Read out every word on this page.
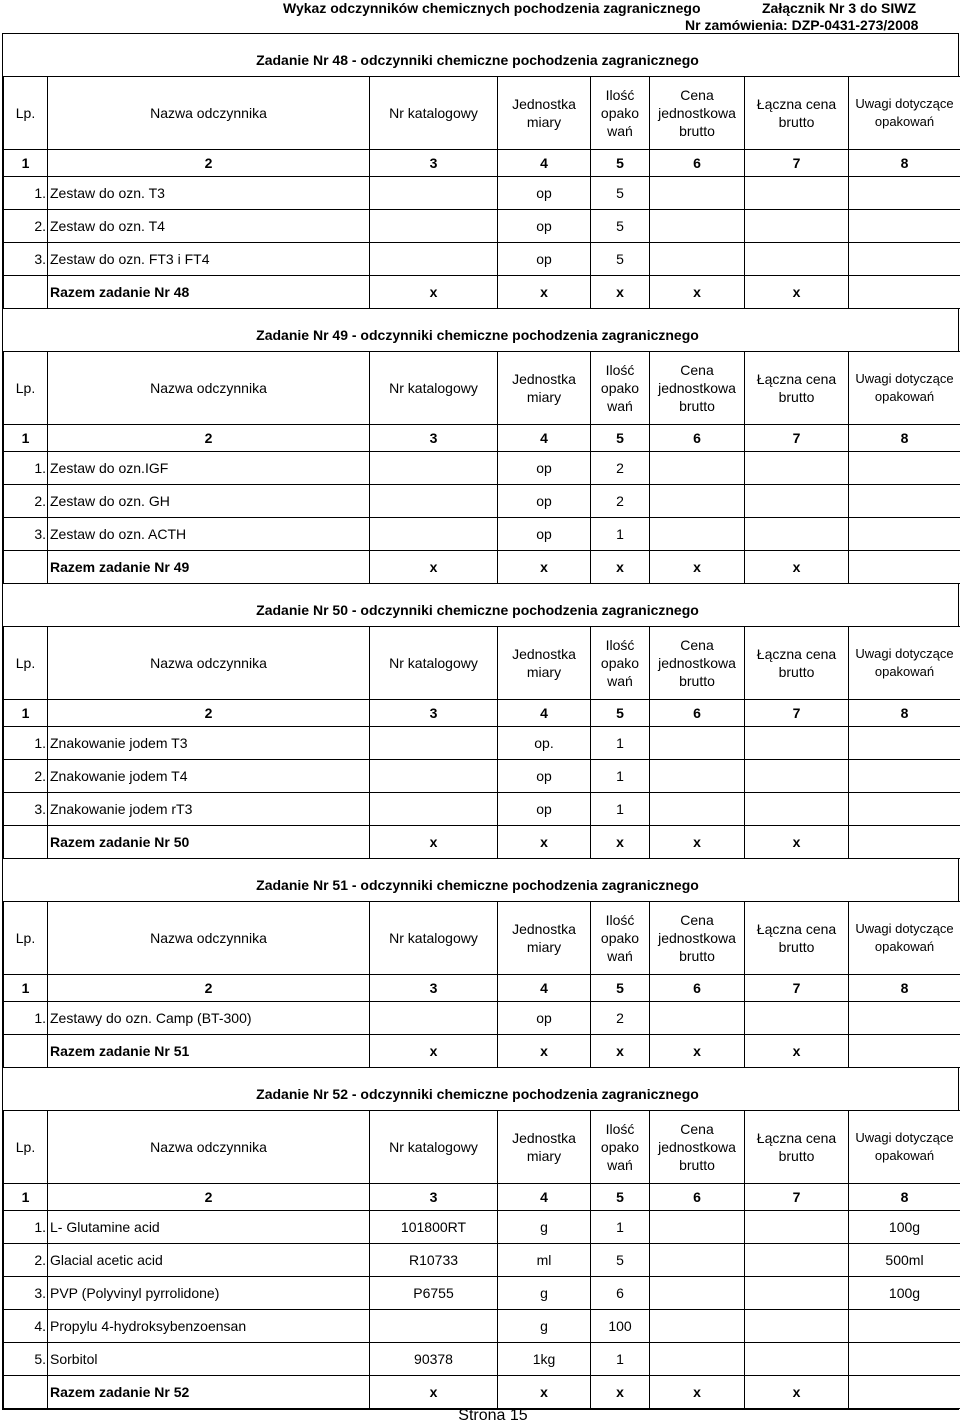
Wykaz odczynników chemicznych pochodzenia zagranicznego	Załącznik Nr 3 do SIWZ
Nr zamówienia: DZP-0431-273/2008
Zadanie Nr 48 - odczynniki chemiczne pochodzenia zagranicznego
Lp.	Nazwa odczynnika	Nr katalogowy	Jednostka miary	Ilość opako wań	Cena jednostkowa brutto	Łączna cena brutto	Uwagi dotyczące opakowań
1	2	3	4	5	6	7	8
1.	Zestaw do ozn. T3		op	5			
2.	Zestaw do ozn. T4		op	5			
3.	Zestaw do ozn. FT3 i FT4		op	5			
	Razem zadanie Nr 48	x	x	x	x	x	
Zadanie Nr 49 - odczynniki chemiczne pochodzenia zagranicznego
Lp.	Nazwa odczynnika	Nr katalogowy	Jednostka miary	Ilość opako wań	Cena jednostkowa brutto	Łączna cena brutto	Uwagi dotyczące opakowań
1	2	3	4	5	6	7	8
1.	Zestaw do ozn.IGF		op	2			
2.	Zestaw do ozn. GH		op	2			
3.	Zestaw do ozn. ACTH		op	1			
	Razem zadanie Nr 49	x	x	x	x	x	
Zadanie Nr 50 - odczynniki chemiczne pochodzenia zagranicznego
Lp.	Nazwa odczynnika	Nr katalogowy	Jednostka miary	Ilość opako wań	Cena jednostkowa brutto	Łączna cena brutto	Uwagi dotyczące opakowań
1	2	3	4	5	6	7	8
1.	Znakowanie jodem T3		op.	1			
2.	Znakowanie jodem T4		op	1			
3.	Znakowanie jodem rT3		op	1			
	Razem zadanie Nr 50	x	x	x	x	x	
Zadanie Nr 51 - odczynniki chemiczne pochodzenia zagranicznego
Lp.	Nazwa odczynnika	Nr katalogowy	Jednostka miary	Ilość opako wań	Cena jednostkowa brutto	Łączna cena brutto	Uwagi dotyczące opakowań
1	2	3	4	5	6	7	8
1.	Zestawy do ozn. Camp (BT-300)		op	2			
	Razem zadanie Nr 51	x	x	x	x	x	
Zadanie Nr 52 - odczynniki chemiczne pochodzenia zagranicznego
Lp.	Nazwa odczynnika	Nr katalogowy	Jednostka miary	Ilość opako wań	Cena jednostkowa brutto	Łączna cena brutto	Uwagi dotyczące opakowań
1	2	3	4	5	6	7	8
1.	L- Glutamine acid	101800RT	g	1			100g
2.	Glacial acetic acid	R10733	ml	5			500ml
3.	PVP (Polyvinyl pyrrolidone)	P6755	g	6			100g
4.	Propylu 4-hydroksybenzoensan		g	100			
5.	Sorbitol	90378	1kg	1			
	Razem zadanie Nr 52	x	x	x	x	x	
Strona 15
